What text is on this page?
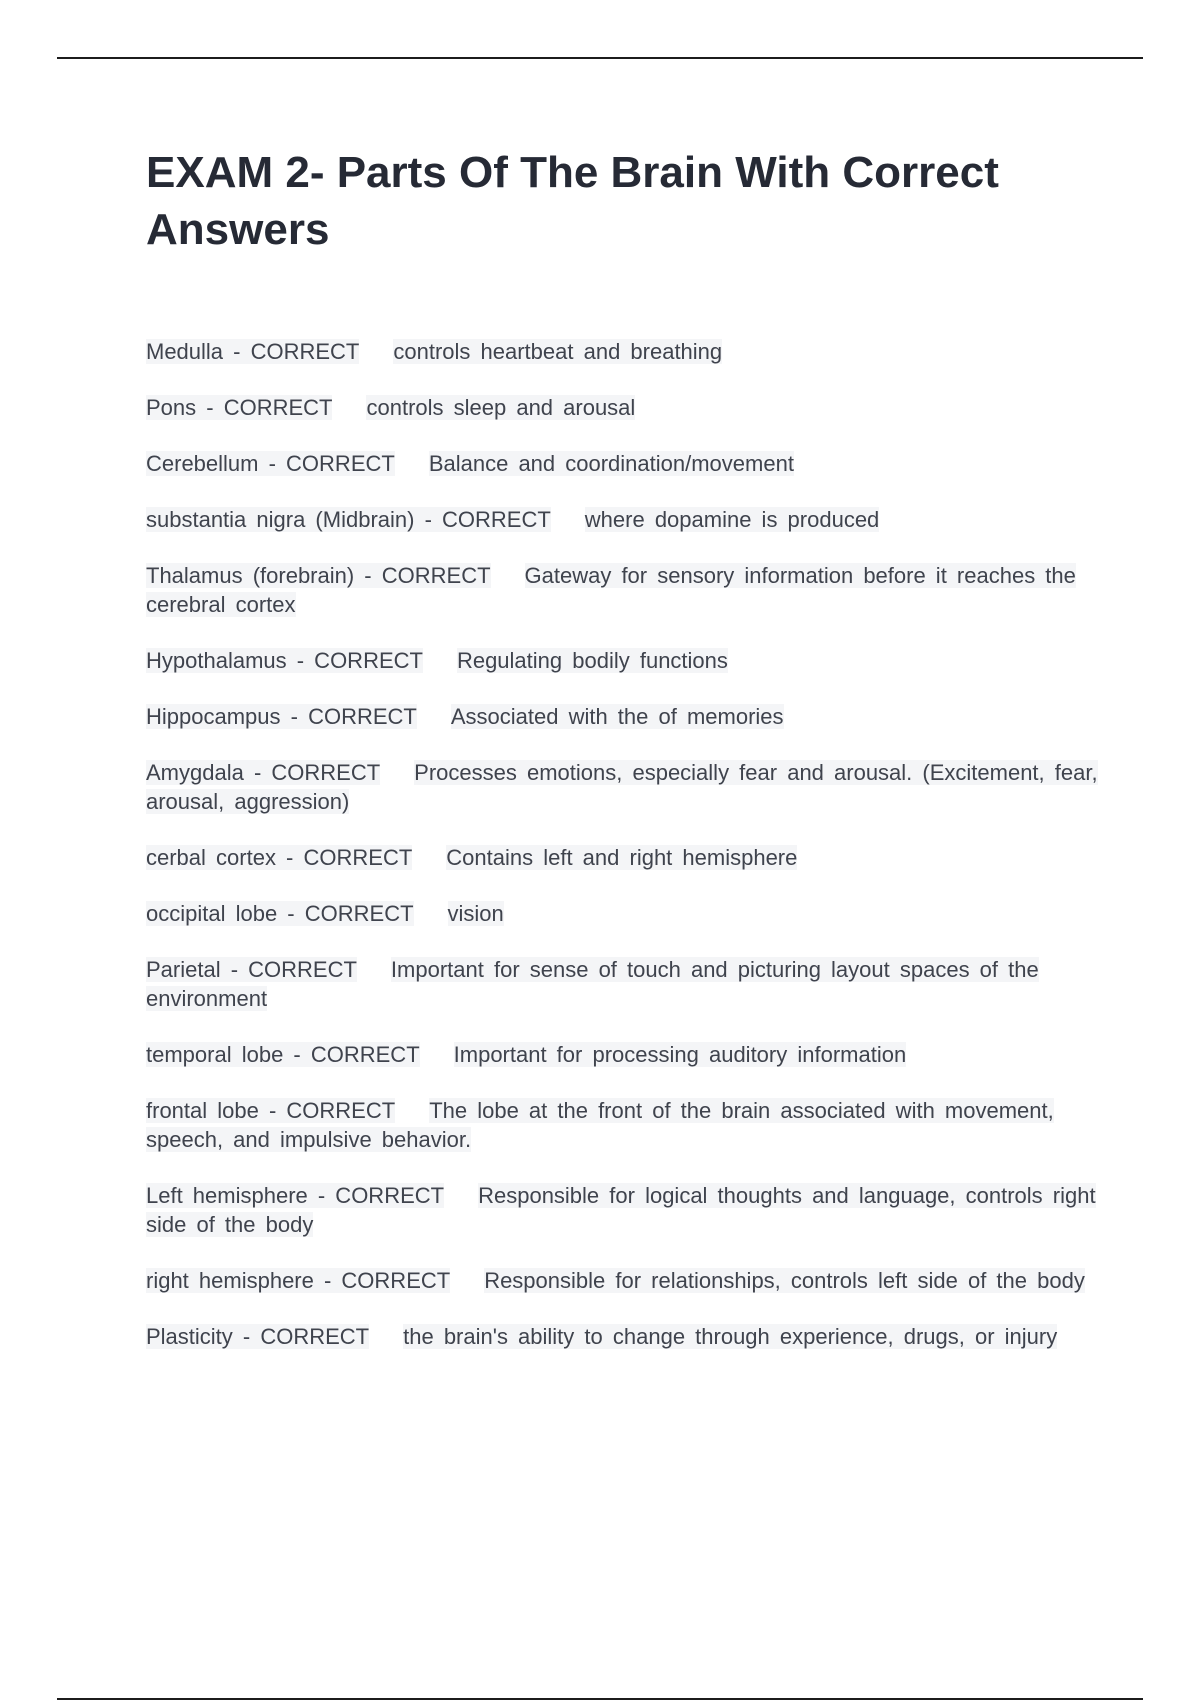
EXAM 2- Parts Of The Brain With Correct Answers
Medulla - CORRECT controls heartbeat and breathing
Pons - CORRECT controls sleep and arousal
Cerebellum - CORRECT Balance and coordination/movement
substantia nigra (Midbrain) - CORRECT where dopamine is produced
Thalamus (forebrain) - CORRECT Gateway for sensory information before it reaches the cerebral cortex
Hypothalamus - CORRECT Regulating bodily functions
Hippocampus - CORRECT Associated with the of memories
Amygdala - CORRECT Processes emotions, especially fear and arousal. (Excitement, fear, arousal, aggression)
cerbal cortex - CORRECT Contains left and right hemisphere
occipital lobe - CORRECT vision
Parietal - CORRECT Important for sense of touch and picturing layout spaces of the environment
temporal lobe - CORRECT Important for processing auditory information
frontal lobe - CORRECT The lobe at the front of the brain associated with movement, speech, and impulsive behavior.
Left hemisphere - CORRECT Responsible for logical thoughts and language, controls right side of the body
right hemisphere - CORRECT Responsible for relationships, controls left side of the body
Plasticity - CORRECT the brain's ability to change through experience, drugs, or injury
